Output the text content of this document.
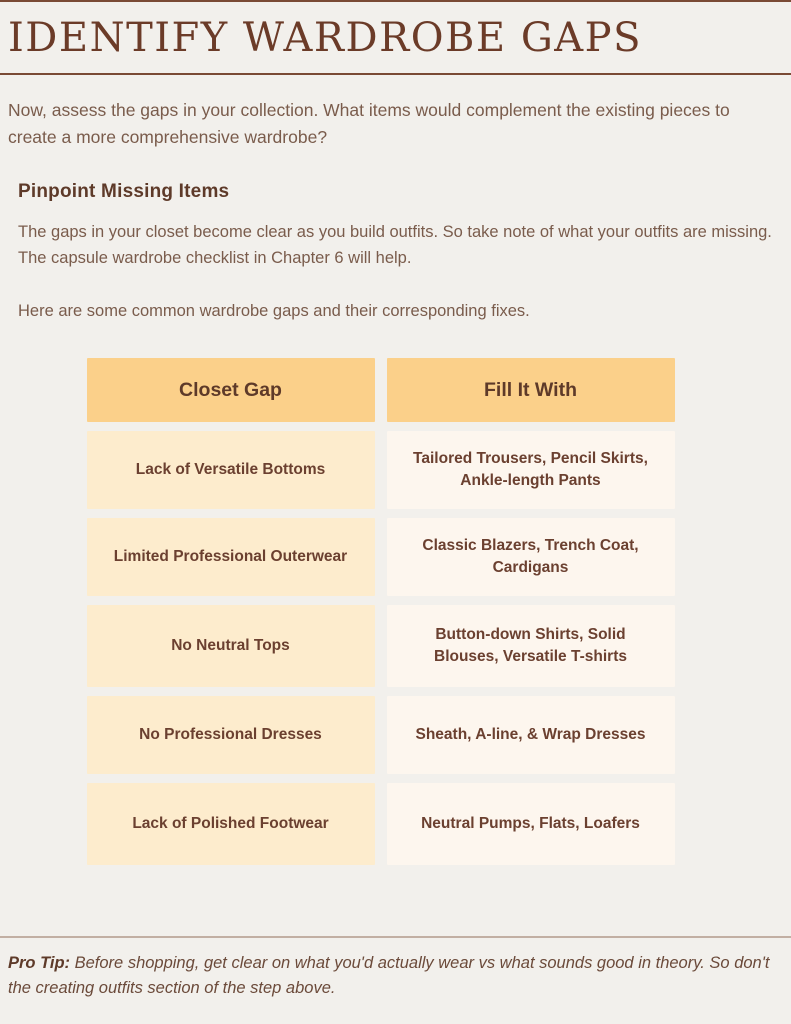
IDENTIFY WARDROBE GAPS

Now, assess the gaps in your collection. What items would complement the existing pieces to create a more comprehensive wardrobe?

Pinpoint Missing Items

The gaps in your closet become clear as you build outfits. So take note of what your outfits are missing. The capsule wardrobe checklist in Chapter 6 will help.

Here are some common wardrobe gaps and their corresponding fixes.

Closet Gap
Lack of Versatile Bottoms
Limited Professional Outerwear
No Neutral Tops
No Professional Dresses
Lack of Polished Footwear
Fill It With
Tailored Trousers, Pencil Skirts, Ankle-length Pants
Classic Blazers, Trench Coat, Cardigans
Button-down Shirts, Solid Blouses, Versatile T-shirts
Sheath, A-line, & Wrap Dresses
Neutral Pumps, Flats, Loafers
Pro Tip: Before shopping, get clear on what you'd actually wear vs what sounds good in theory. So don't the creating outfits section of the step above.
